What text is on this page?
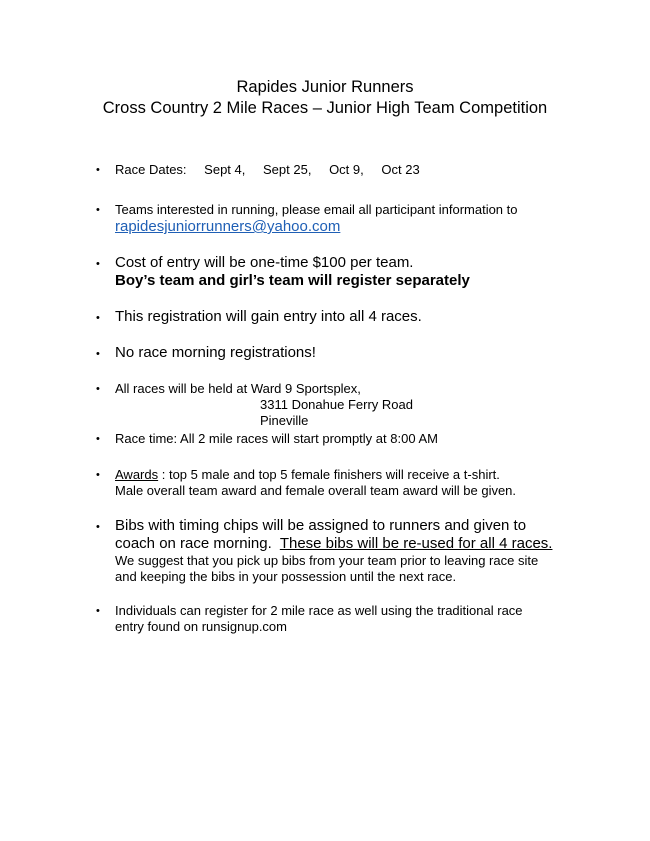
Rapides Junior Runners
Cross Country 2 Mile Races – Junior High Team Competition
• Race Dates: Sept 4, Sept 25, Oct 9, Oct 23
• Teams interested in running, please email all participant information to
rapidesjuniorrunners@yahoo.com
• Cost of entry will be one-time $100 per team.
Boy’s team and girl’s team will register separately
• This registration will gain entry into all 4 races.
• No race morning registrations!
• All races will be held at Ward 9 Sportsplex,
3311 Donahue Ferry Road
Pineville
• Race time: All 2 mile races will start promptly at 8:00 AM
• Awards : top 5 male and top 5 female finishers will receive a t-shirt.
Male overall team award and female overall team award will be given.
• Bibs with timing chips will be assigned to runners and given to
coach on race morning.  These bibs will be re-used for all 4 races.
We suggest that you pick up bibs from your team prior to leaving race site
and keeping the bibs in your possession until the next race.
• Individuals can register for 2 mile race as well using the traditional race
entry found on runsignup.com
